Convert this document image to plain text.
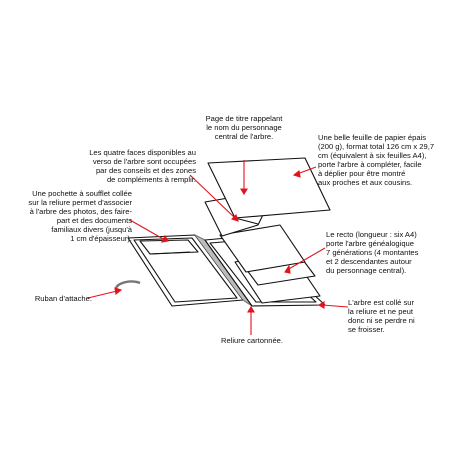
Page de titre rappelant
le nom du personnage
central de l'arbre.	Une belle feuille de papier épais
(200 g), format total 126 cm x 29,7
cm (équivalent à six feuilles A4),
porte l'arbre à compléter, facile
à déplier pour être montré
aux proches et aux cousins.
Les quatre faces disponibles au
verso de l'arbre sont occupées
par des conseils et des zones
de compléments à remplir.
Une pochette à soufflet collée
sur la reliure permet d'associer
à l'arbre des photos, des faire-
part et des documents
familiaux divers (jusqu'à
1 cm d'épaisseur).	Le recto (longueur : six A4)
porte l'arbre généalogique
7 générations (4 montantes
et 2 descendantes autour
du personnage central).
Ruban d'attache.
Reliure cartonnée.
L'arbre est collé sur
la reliure et ne peut
donc ni se perdre ni
se froisser.
